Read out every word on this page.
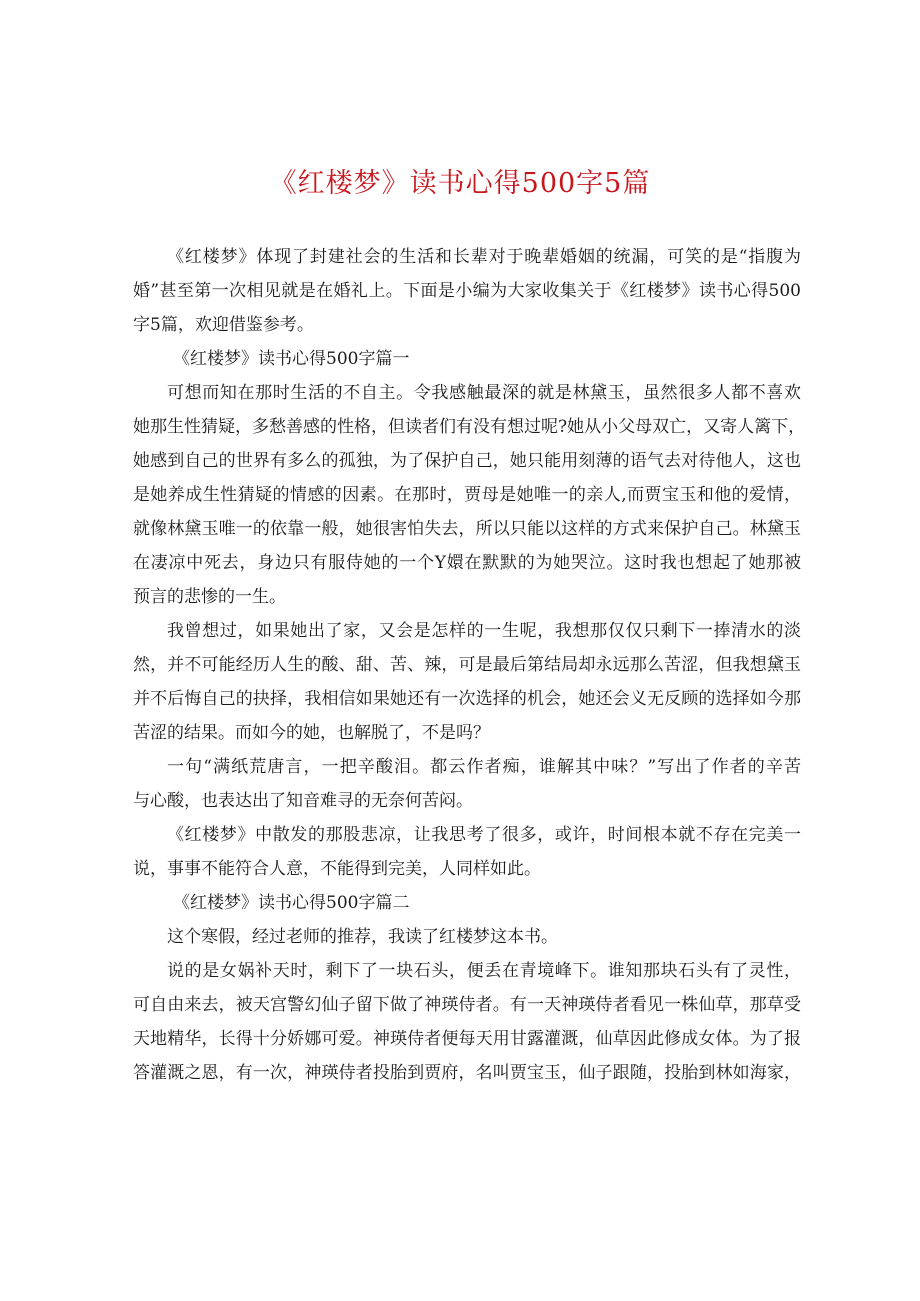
《红楼梦》读书心得500字5篇
《红楼梦》体现了封建社会的生活和长辈对于晚辈婚姻的统漏，可笑的是“指腹为
婚”甚至第一次相见就是在婚礼上。下面是小编为大家收集关于《红楼梦》读书心得500
字5篇，欢迎借鉴参考。
《红楼梦》读书心得500字篇一
可想而知在那时生活的不自主。令我感触最深的就是林黛玉，虽然很多人都不喜欢
她那生性猜疑，多愁善感的性格，但读者们有没有想过呢?她从小父母双亡，又寄人篱下，
她感到自己的世界有多么的孤独，为了保护自己，她只能用刻薄的语气去对待他人，这也
是她养成生性猜疑的情感的因素。在那时，贾母是她唯一的亲人,而贾宝玉和他的爱情，
就像林黛玉唯一的依靠一般，她很害怕失去，所以只能以这样的方式来保护自己。林黛玉
在凄凉中死去，身边只有服侍她的一个Y嬛在默默的为她哭泣。这时我也想起了她那被
预言的悲惨的一生。
我曾想过，如果她出了家，又会是怎样的一生呢，我想那仅仅只剩下一捧清水的淡
然，并不可能经历人生的酸、甜、苦、辣，可是最后第结局却永远那么苦涩，但我想黛玉
并不后悔自己的抉择，我相信如果她还有一次选择的机会，她还会义无反顾的选择如今那
苦涩的结果。而如今的她，也解脱了，不是吗？
一句“满纸荒唐言，一把辛酸泪。都云作者痴，谁解其中味？”写出了作者的辛苦
与心酸，也表达出了知音难寻的无奈何苦闷。
《红楼梦》中散发的那股悲凉，让我思考了很多，或许，时间根本就不存在完美一
说，事事不能符合人意，不能得到完美，人同样如此。
《红楼梦》读书心得500字篇二
这个寒假，经过老师的推荐，我读了红楼梦这本书。
说的是女娲补天时，剩下了一块石头，便丢在青境峰下。谁知那块石头有了灵性，
可自由来去，被天宫警幻仙子留下做了神瑛侍者。有一天神瑛侍者看见一株仙草，那草受
天地精华，长得十分娇娜可爱。神瑛侍者便每天用甘露灌溉，仙草因此修成女体。为了报
答灌溉之恩，有一次，神瑛侍者投胎到贾府，名叫贾宝玉，仙子跟随，投胎到林如海家，
